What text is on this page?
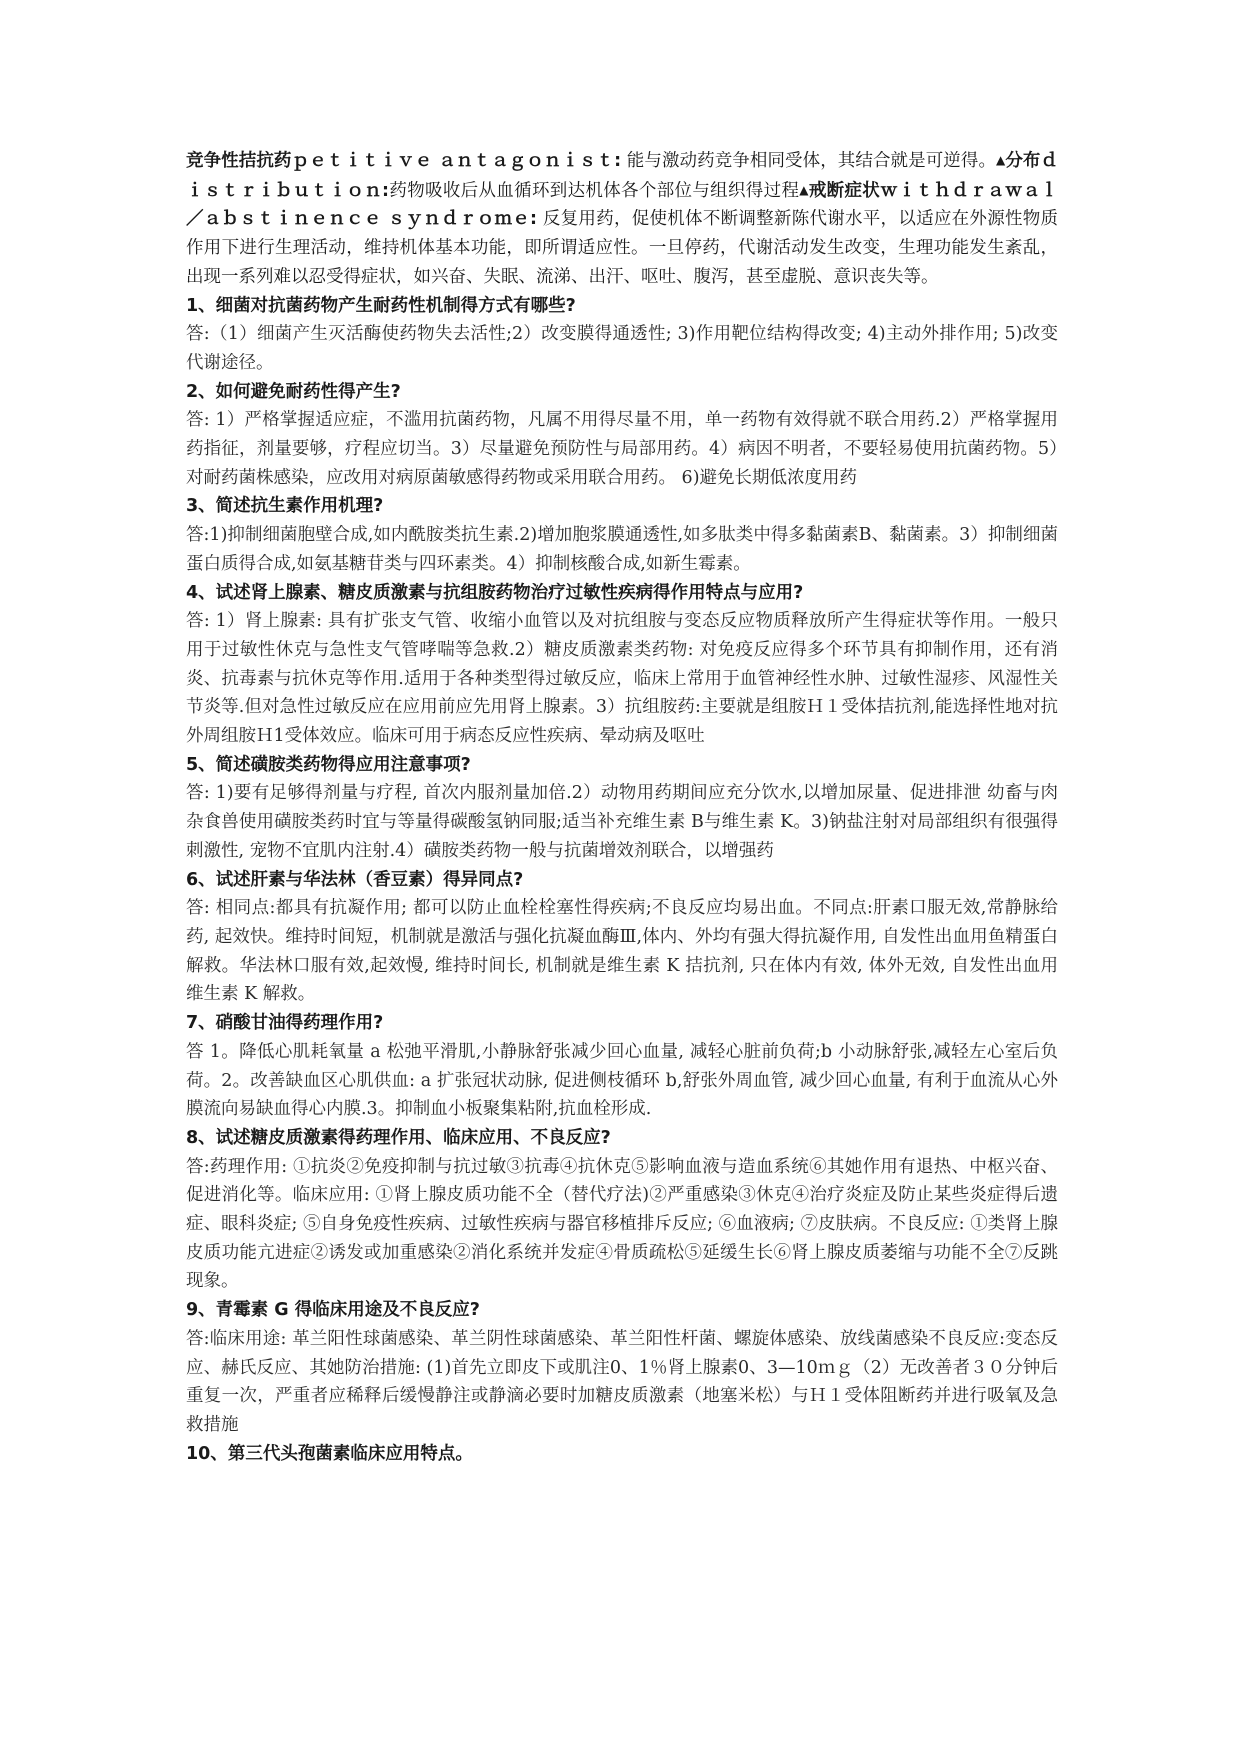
竞争性拮抗药ｐｅｔｉｔｉｖｅ ａｎｔａｇｏｎｉｓｔ: 能与激动药竞争相同受体，其结合就是可逆得。▲分布ｄｉｓｔｒｉｂｕｔｉｏｎ:药物吸收后从血循环到达机体各个部位与组织得过程▲戒断症状ｗｉｔｈｄｒａｗａｌ／ａｂｓｔｉｎｅｎｃｅ ｓｙｎｄｒｏｍｅ: 反复用药，促使机体不断调整新陈代谢水平，以适应在外源性物质作用下进行生理活动，维持机体基本功能，即所谓适应性。一旦停药，代谢活动发生改变，生理功能发生紊乱，出现一系列难以忍受得症状，如兴奋、失眠、流涕、出汗、呕吐、腹泻，甚至虚脱、意识丧失等。

1、细菌对抗菌药物产生耐药性机制得方式有哪些?

答:（1）细菌产生灭活酶使药物失去活性;2）改变膜得通透性; 3)作用靶位结构得改变; 4)主动外排作用; 5)改变代谢途径。

2、如何避免耐药性得产生?

答: 1）严格掌握适应症，不滥用抗菌药物，凡属不用得尽量不用，单一药物有效得就不联合用药.2）严格掌握用药指征，剂量要够，疗程应切当。3）尽量避免预防性与局部用药。4）病因不明者，不要轻易使用抗菌药物。5）对耐药菌株感染，应改用对病原菌敏感得药物或采用联合用药。 6)避免长期低浓度用药

3、简述抗生素作用机理?

答:1)抑制细菌胞壁合成,如内酰胺类抗生素.2)增加胞浆膜通透性,如多肽类中得多黏菌素B、黏菌素。3）抑制细菌蛋白质得合成,如氨基糖苷类与四环素类。4）抑制核酸合成,如新生霉素。

4、试述肾上腺素、糖皮质激素与抗组胺药物治疗过敏性疾病得作用特点与应用?

答: 1）肾上腺素: 具有扩张支气管、收缩小血管以及对抗组胺与变态反应物质释放所产生得症状等作用。一般只用于过敏性休克与急性支气管哮喘等急救.2）糖皮质激素类药物: 对免疫反应得多个环节具有抑制作用，还有消炎、抗毒素与抗休克等作用.适用于各种类型得过敏反应，临床上常用于血管神经性水肿、过敏性湿疹、风湿性关节炎等.但对急性过敏反应在应用前应先用肾上腺素。3）抗组胺药:主要就是组胺Ｈ１受体拮抗剂,能选择性地对抗外周组胺Ｈ1受体效应。临床可用于病态反应性疾病、晕动病及呕吐

5、简述磺胺类药物得应用注意事项?

答: 1)要有足够得剂量与疗程, 首次内服剂量加倍.2）动物用药期间应充分饮水,以增加尿量、促进排泄 幼畜与肉杂食兽使用磺胺类药时宜与等量得碳酸氢钠同服;适当补充维生素 B与维生素 K。3)钠盐注射对局部组织有很强得刺激性, 宠物不宜肌内注射.4）磺胺类药物一般与抗菌增效剂联合，以增强药

6、试述肝素与华法林（香豆素）得异同点?

答: 相同点:都具有抗凝作用; 都可以防止血栓栓塞性得疾病;不良反应均易出血。不同点:肝素口服无效,常静脉给药, 起效快。维持时间短，机制就是激活与强化抗凝血酶Ⅲ,体内、外均有强大得抗凝作用, 自发性出血用鱼精蛋白解救。华法林口服有效,起效慢, 维持时间长, 机制就是维生素 K 拮抗剂, 只在体内有效, 体外无效, 自发性出血用维生素 K 解救。

7、硝酸甘油得药理作用?

答 1。降低心肌耗氧量 a 松弛平滑肌,小静脉舒张减少回心血量, 减轻心脏前负荷;b 小动脉舒张,减轻左心室后负荷。2。改善缺血区心肌供血: a 扩张冠状动脉, 促进侧枝循环 b,舒张外周血管, 减少回心血量, 有利于血流从心外膜流向易缺血得心内膜.3。抑制血小板聚集粘附,抗血栓形成.

8、试述糖皮质激素得药理作用、临床应用、不良反应?

答:药理作用: ①抗炎②免疫抑制与抗过敏③抗毒④抗休克⑤影响血液与造血系统⑥其她作用有退热、中枢兴奋、促进消化等。临床应用: ①肾上腺皮质功能不全（替代疗法)②严重感染③休克④治疗炎症及防止某些炎症得后遗症、眼科炎症; ⑤自身免疫性疾病、过敏性疾病与器官移植排斥反应; ⑥血液病; ⑦皮肤病。不良反应: ①类肾上腺皮质功能亢进症②诱发或加重感染②消化系统并发症④骨质疏松⑤延缓生长⑥肾上腺皮质萎缩与功能不全⑦反跳现象。

9、青霉素 G 得临床用途及不良反应?

答:临床用途: 革兰阳性球菌感染、革兰阴性球菌感染、革兰阳性杆菌、螺旋体感染、放线菌感染不良反应:变态反应、赫氏反应、其她防治措施: (1)首先立即皮下或肌注0、1％肾上腺素0、3—10ｍｇ（2）无改善者３０分钟后重复一次，严重者应稀释后缓慢静注或静滴必要时加糖皮质激素（地塞米松）与Ｈ１受体阻断药并进行吸氧及急救措施

10、第三代头孢菌素临床应用特点。
